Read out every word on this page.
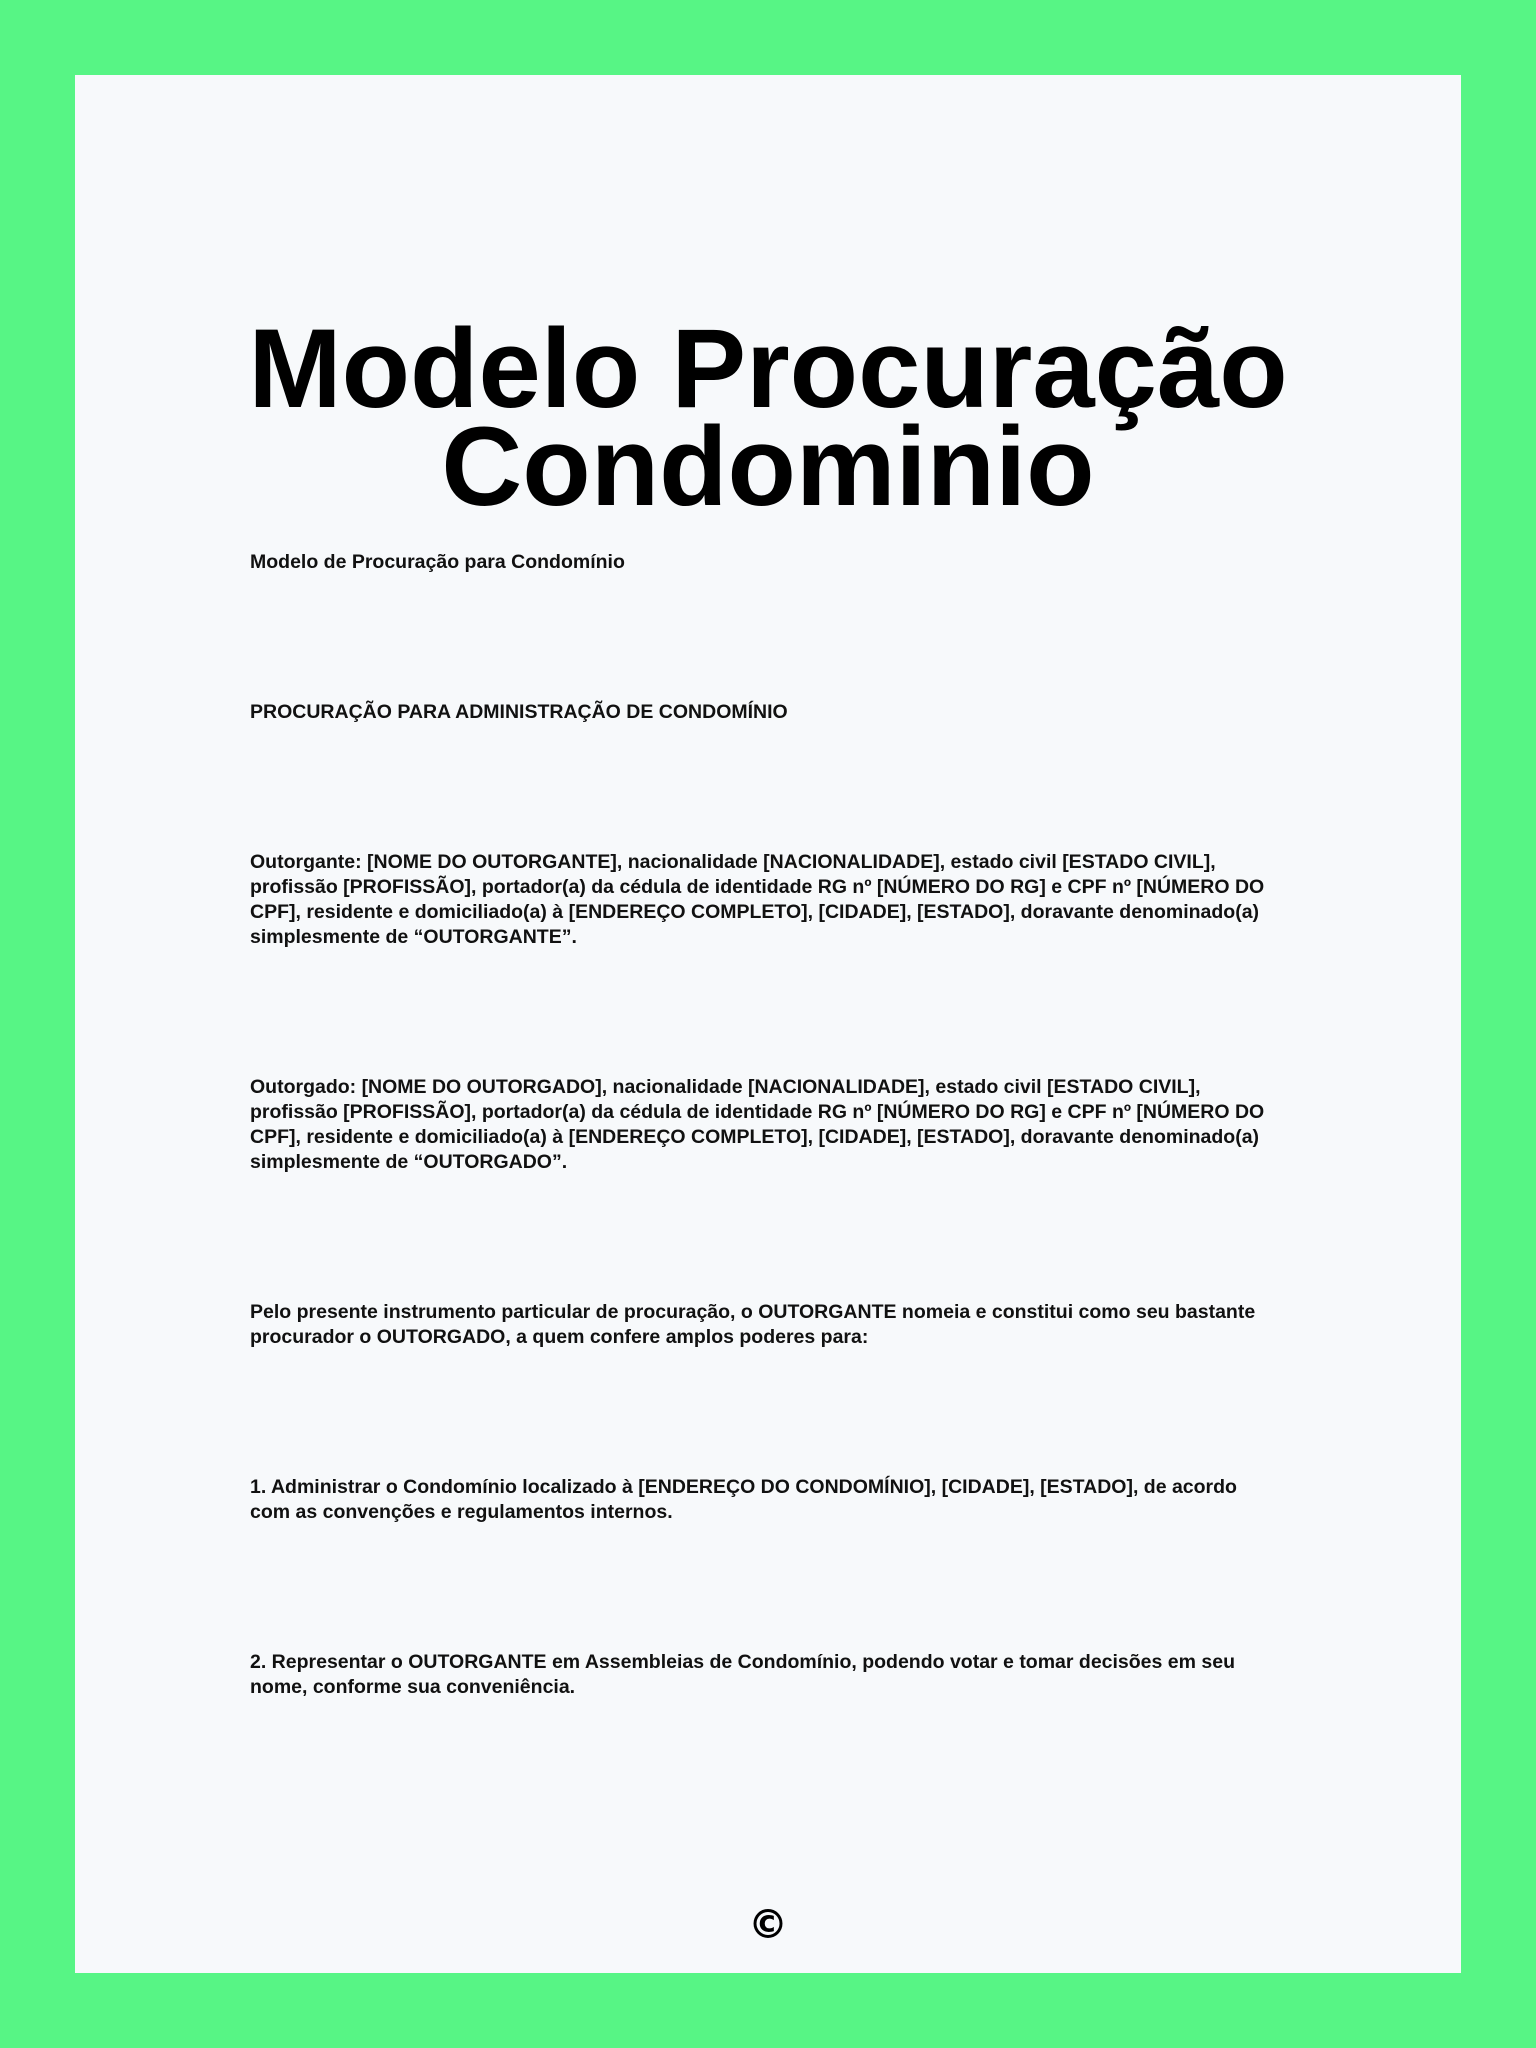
Modelo Procuração
Condominio

Modelo de Procuração para Condomínio

PROCURAÇÃO PARA ADMINISTRAÇÃO DE CONDOMÍNIO

Outorgante: [NOME DO OUTORGANTE], nacionalidade [NACIONALIDADE], estado civil [ESTADO CIVIL], profissão [PROFISSÃO], portador(a) da cédula de identidade RG nº [NÚMERO DO RG] e CPF nº [NÚMERO DO CPF], residente e domiciliado(a) à [ENDEREÇO COMPLETO], [CIDADE], [ESTADO], doravante denominado(a) simplesmente de “OUTORGANTE”.

Outorgado: [NOME DO OUTORGADO], nacionalidade [NACIONALIDADE], estado civil [ESTADO CIVIL], profissão [PROFISSÃO], portador(a) da cédula de identidade RG nº [NÚMERO DO RG] e CPF nº [NÚMERO DO CPF], residente e domiciliado(a) à [ENDEREÇO COMPLETO], [CIDADE], [ESTADO], doravante denominado(a) simplesmente de “OUTORGADO”.

Pelo presente instrumento particular de procuração, o OUTORGANTE nomeia e constitui como seu bastante procurador o OUTORGADO, a quem confere amplos poderes para:

1. Administrar o Condomínio localizado à [ENDEREÇO DO CONDOMÍNIO], [CIDADE], [ESTADO], de acordo com as convenções e regulamentos internos.

2. Representar o OUTORGANTE em Assembleias de Condomínio, podendo votar e tomar decisões em seu nome, conforme sua conveniência.

©
